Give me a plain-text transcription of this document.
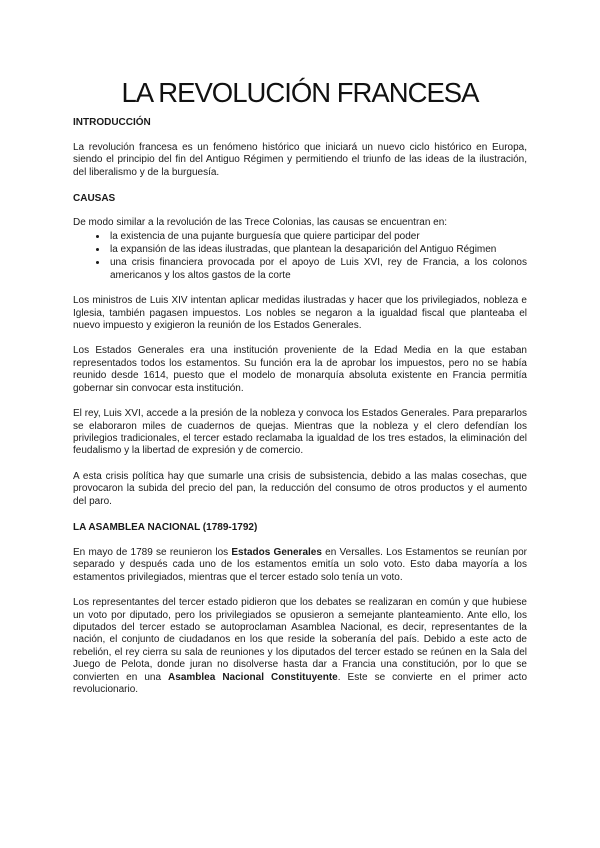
LA REVOLUCIÓN FRANCESA
INTRODUCCIÓN

La revolución francesa es un fenómeno histórico que iniciará un nuevo ciclo histórico en Europa, siendo el principio del fin del Antiguo Régimen y permitiendo el triunfo de las ideas de la ilustración, del liberalismo y de la burguesía.

CAUSAS

De modo similar a la revolución de las Trece Colonias, las causas se encuentran en:

• la existencia de una pujante burguesía que quiere participar del poder
• la expansión de las ideas ilustradas, que plantean la desaparición del Antiguo Régimen
• una crisis financiera provocada por el apoyo de Luis XVI, rey de Francia, a los colonos americanos y los altos gastos de la corte

Los ministros de Luis XIV intentan aplicar medidas ilustradas y hacer que los privilegiados, nobleza e Iglesia, también pagasen impuestos. Los nobles se negaron a la igualdad fiscal que planteaba el nuevo impuesto y exigieron la reunión de los Estados Generales.

Los Estados Generales era una institución proveniente de la Edad Media en la que estaban representados todos los estamentos. Su función era la de aprobar los impuestos, pero no se había reunido desde 1614, puesto que el modelo de monarquía absoluta existente en Francia permitía gobernar sin convocar esta institución.

El rey, Luis XVI, accede a la presión de la nobleza y convoca los Estados Generales. Para prepararlos se elaboraron miles de cuadernos de quejas. Mientras que la nobleza y el clero defendían los privilegios tradicionales, el tercer estado reclamaba la igualdad de los tres estados, la eliminación del feudalismo y la libertad de expresión y de comercio.

A esta crisis política hay que sumarle una crisis de subsistencia, debido a las malas cosechas, que provocaron la subida del precio del pan, la reducción del consumo de otros productos y el aumento del paro.

LA ASAMBLEA NACIONAL (1789-1792)

En mayo de 1789 se reunieron los Estados Generales en Versalles. Los Estamentos se reunían por separado y después cada uno de los estamentos emitía un solo voto. Esto daba mayoría a los estamentos privilegiados, mientras que el tercer estado solo tenía un voto.

Los representantes del tercer estado pidieron que los debates se realizaran en común y que hubiese un voto por diputado, pero los privilegiados se opusieron a semejante planteamiento. Ante ello, los diputados del tercer estado se autoproclaman Asamblea Nacional, es decir, representantes de la nación, el conjunto de ciudadanos en los que reside la soberanía del país. Debido a este acto de rebelión, el rey cierra su sala de reuniones y los diputados del tercer estado se reúnen en la Sala del Juego de Pelota, donde juran no disolverse hasta dar a Francia una constitución, por lo que se convierten en una Asamblea Nacional Constituyente. Este se convierte en el primer acto revolucionario.
